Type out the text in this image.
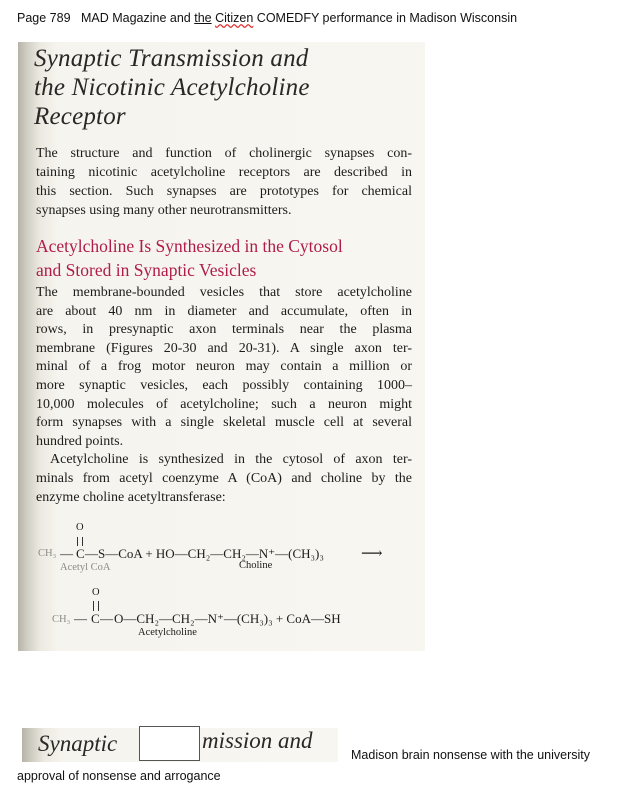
Page 789 MAD Magazine and the Citizen COMEDFY performance in Madison Wisconsin
Synaptic Transmission and
the Nicotinic Acetylcholine
Receptor
The structure and function of cholinergic synapses con-
taining nicotinic acetylcholine receptors are described in
this section. Such synapses are prototypes for chemical
synapses using many other neurotransmitters.
Acetylcholine Is Synthesized in the Cytosol
and Stored in Synaptic Vesicles
The membrane-bounded vesicles that store acetylcholine
are about 40 nm in diameter and accumulate, often in
rows, in presynaptic axon terminals near the plasma
membrane (Figures 20-30 and 20-31). A single axon ter-
minal of a frog motor neuron may contain a million or
more synaptic vesicles, each possibly containing 1000–
10,000 molecules of acetylcholine; such a neuron might
form synapses with a single skeletal muscle cell at several
hundred points.
Acetylcholine is synthesized in the cytosol of axon ter-
minals from acetyl coenzyme A (CoA) and choline by the
enzyme choline acetyltransferase:
O
CH₃ — C — S—CoA + HO—CH₂—CH₂—N⁺—(CH₃)₃ ⟶
Acetyl CoA	Choline
O
CH₃ — C — O—CH₂—CH₂—N⁺—(CH₃)₃ + CoA—SH
Acetylcholine
Synaptic	mission and
Madison brain nonsense with the university
approval of nonsense and arrogance
